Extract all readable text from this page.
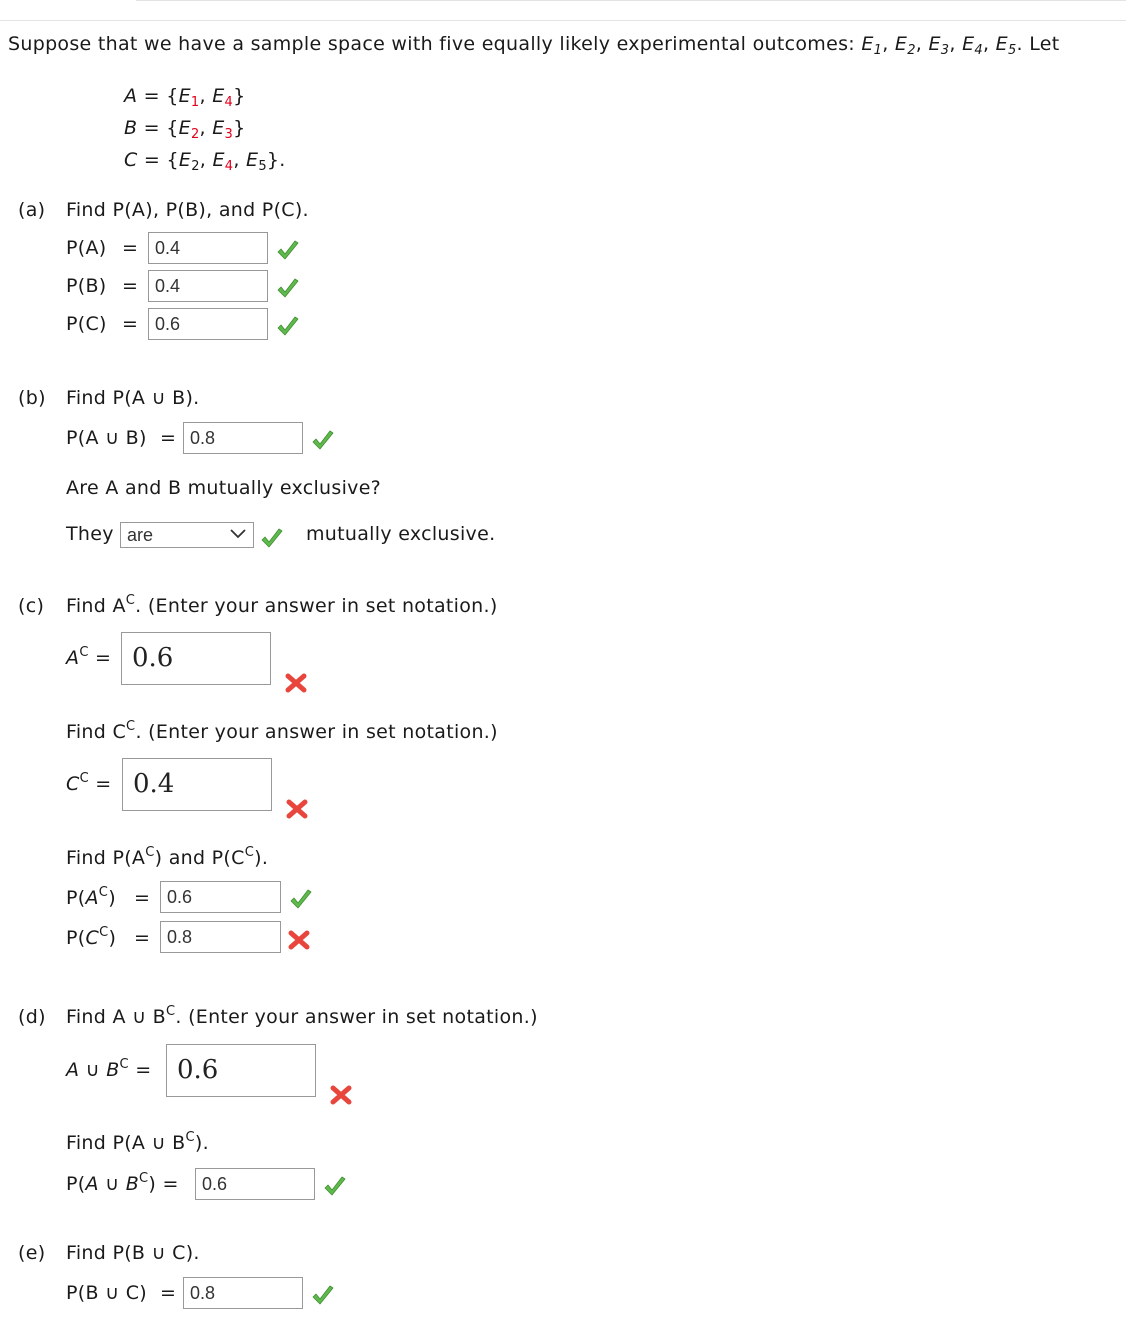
Suppose that we have a sample space with five equally likely experimental outcomes: $E_1$, $E_2$, $E_3$, $E_4$, $E_5$. Let
$A = \{E_1$, $E_4$}
$B = \{E_2$, $E_3$}
$C = \{E_2$, $E_4$, $E_5$}.
(a) Find P(A), P(B), and P(C).
P(A) = 0.4
P(B) = 0.4
P(C) = 0.6
(b) Find P(A ∪ B).
P(A ∪ B) = 0.8
Are A and B mutually exclusive?
They are	mutually exclusive.
(c) Find $A^C$. (Enter your answer in set notation.)
$A^C = 0.6$
Find $C^C$. (Enter your answer in set notation.)
$C^C = 0.4$
Find $P(A^C)$ and $P(C^C)$.
$P(A^C) = 0.6$
$P(C^C) = 0.8$
(d) Find A ∪ $B^C$. (Enter your answer in set notation.)
A ∪ $B^C = 0.6$
Find P(A ∪ $B^C$).
P(A ∪ $B^C$) =	0.6
(e) Find P(B ∪ C).
P(B ∪ C) = 0.8
